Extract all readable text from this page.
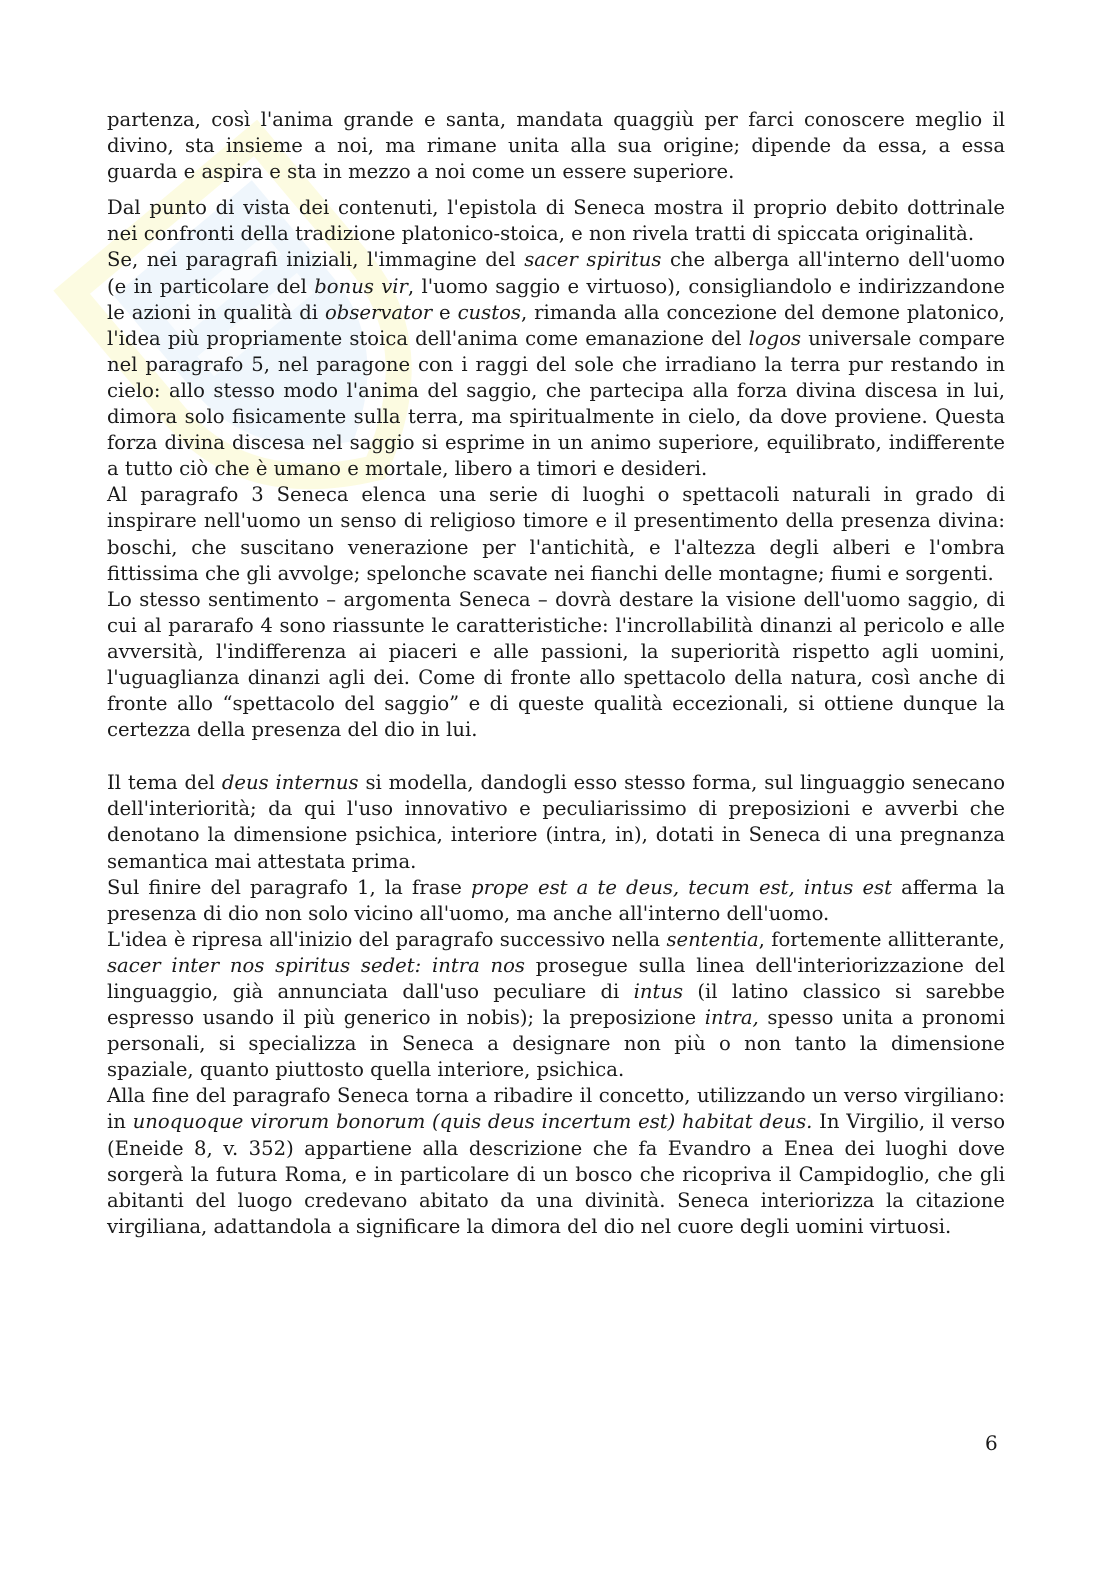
partenza, così l'anima grande e santa, mandata quaggiù per farci conoscere meglio il divino, sta insieme a noi, ma rimane unita alla sua origine; dipende da essa, a essa guarda e aspira e sta in mezzo a noi come un essere superiore.

Dal punto di vista dei contenuti, l'epistola di Seneca mostra il proprio debito dottrinale nei confronti della tradizione platonico-stoica, e non rivela tratti di spiccata originalità.

Se, nei paragrafi iniziali, l'immagine del sacer spiritus che alberga all'interno dell'uomo (e in particolare del bonus vir, l'uomo saggio e virtuoso), consigliandolo e indirizzandone le azioni in qualità di observator e custos, rimanda alla concezione del demone platonico, l'idea più propriamente stoica dell'anima come emanazione del logos universale compare nel paragrafo 5, nel paragone con i raggi del sole che irradiano la terra pur restando in cielo: allo stesso modo l'anima del saggio, che partecipa alla forza divina discesa in lui, dimora solo fisicamente sulla terra, ma spiritualmente in cielo, da dove proviene. Questa forza divina discesa nel saggio si esprime in un animo superiore, equilibrato, indifferente a tutto ciò che è umano e mortale, libero a timori e desideri.

Al paragrafo 3 Seneca elenca una serie di luoghi o spettacoli naturali in grado di inspirare nell'uomo un senso di religioso timore e il presentimento della presenza divina: boschi, che suscitano venerazione per l'antichità, e l'altezza degli alberi e l'ombra fittissima che gli avvolge; spelonche scavate nei fianchi delle montagne; fiumi e sorgenti.

Lo stesso sentimento – argomenta Seneca – dovrà destare la visione dell'uomo saggio, di cui al pararafo 4 sono riassunte le caratteristiche: l'incrollabilità dinanzi al pericolo e alle avversità, l'indifferenza ai piaceri e alle passioni, la superiorità rispetto agli uomini, l'uguaglianza dinanzi agli dei. Come di fronte allo spettacolo della natura, così anche di fronte allo “spettacolo del saggio” e di queste qualità eccezionali, si ottiene dunque la certezza della presenza del dio in lui.

Il tema del deus internus si modella, dandogli esso stesso forma, sul linguaggio senecano dell'interiorità; da qui l'uso innovativo e peculiarissimo di preposizioni e avverbi che denotano la dimensione psichica, interiore (intra, in), dotati in Seneca di una pregnanza semantica mai attestata prima.

Sul finire del paragrafo 1, la frase prope est a te deus, tecum est, intus est afferma la presenza di dio non solo vicino all'uomo, ma anche all'interno dell'uomo.

L'idea è ripresa all'inizio del paragrafo successivo nella sententia, fortemente allitterante, sacer inter nos spiritus sedet: intra nos prosegue sulla linea dell'interiorizzazione del linguaggio, già annunciata dall'uso peculiare di intus (il latino classico si sarebbe espresso usando il più generico in nobis); la preposizione intra, spesso unita a pronomi personali, si specializza in Seneca a designare non più o non tanto la dimensione spaziale, quanto piuttosto quella interiore, psichica.

Alla fine del paragrafo Seneca torna a ribadire il concetto, utilizzando un verso virgiliano: in unoquoque virorum bonorum (quis deus incertum est) habitat deus. In Virgilio, il verso (Eneide 8, v. 352) appartiene alla descrizione che fa Evandro a Enea dei luoghi dove sorgerà la futura Roma, e in particolare di un bosco che ricopriva il Campidoglio, che gli abitanti del luogo credevano abitato da una divinità. Seneca interiorizza la citazione virgiliana, adattandola a significare la dimora del dio nel cuore degli uomini virtuosi.

6
